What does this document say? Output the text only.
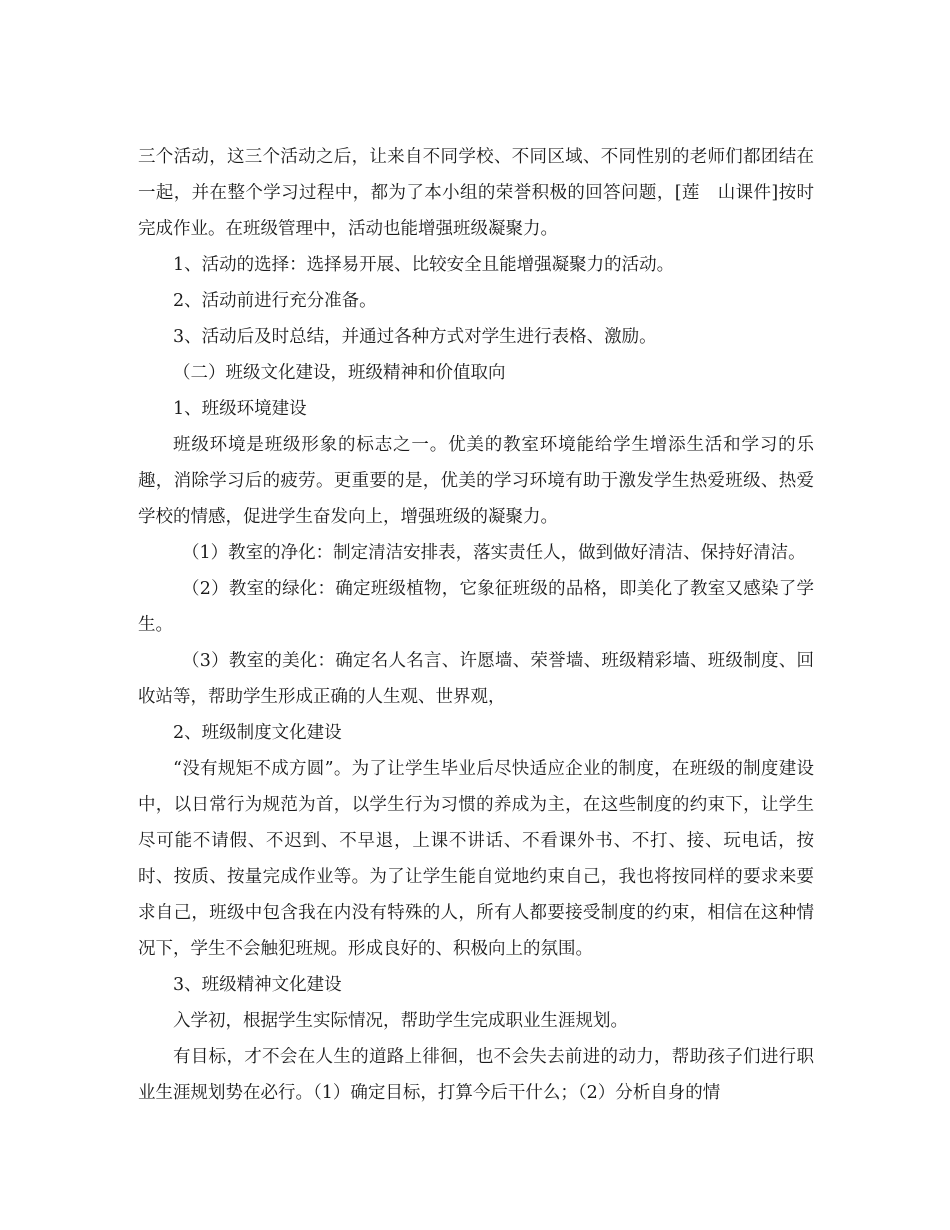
三个活动，这三个活动之后，让来自不同学校、不同区域、不同性别的老师们都团结在一起，并在整个学习过程中，都为了本小组的荣誉积极的回答问题，[莲　山课件]按时完成作业。在班级管理中，活动也能增强班级凝聚力。

1、活动的选择：选择易开展、比较安全且能增强凝聚力的活动。

2、活动前进行充分准备。

3、活动后及时总结，并通过各种方式对学生进行表格、激励。

（二）班级文化建设，班级精神和价值取向

1、班级环境建设

班级环境是班级形象的标志之一。优美的教室环境能给学生增添生活和学习的乐趣，消除学习后的疲劳。更重要的是，优美的学习环境有助于激发学生热爱班级、热爱学校的情感，促进学生奋发向上，增强班级的凝聚力。

（1）教室的净化：制定清洁安排表，落实责任人，做到做好清洁、保持好清洁。

（2）教室的绿化：确定班级植物，它象征班级的品格，即美化了教室又感染了学生。

（3）教室的美化：确定名人名言、许愿墙、荣誉墙、班级精彩墙、班级制度、回收站等，帮助学生形成正确的人生观、世界观，

2、班级制度文化建设

“没有规矩不成方圆”。为了让学生毕业后尽快适应企业的制度，在班级的制度建设中，以日常行为规范为首，以学生行为习惯的养成为主，在这些制度的约束下，让学生尽可能不请假、不迟到、不早退，上课不讲话、不看课外书、不打、接、玩电话，按时、按质、按量完成作业等。为了让学生能自觉地约束自己，我也将按同样的要求来要求自己，班级中包含我在内没有特殊的人，所有人都要接受制度的约束，相信在这种情况下，学生不会触犯班规。形成良好的、积极向上的氛围。

3、班级精神文化建设

入学初，根据学生实际情况，帮助学生完成职业生涯规划。

有目标，才不会在人生的道路上徘徊，也不会失去前进的动力，帮助孩子们进行职业生涯规划势在必行。（1）确定目标，打算今后干什么；（2）分析自身的情
